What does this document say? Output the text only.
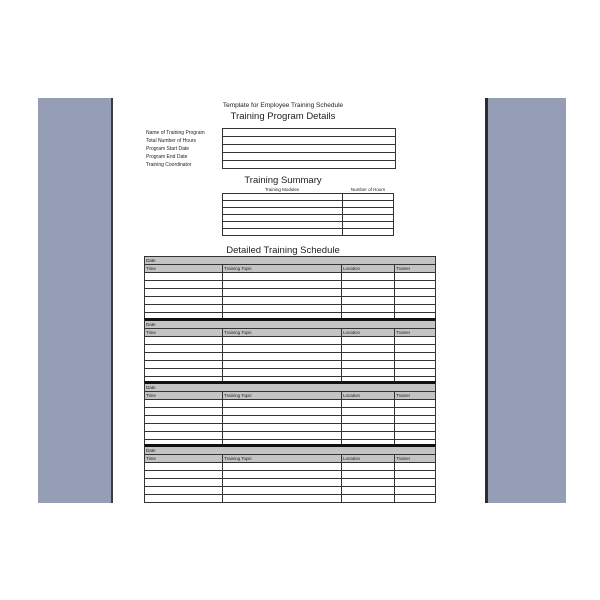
Template for Employee Training Schedule
Training Program Details
Name of Training Program
Total Number of Hours
Program Start Date
Program End Date
Training Coordinator
Training Summary
Training Modules	Number of Hours
Detailed Training Schedule
Date
Time	Training Topic	Location	Trainer
Date
Time	Training Topic	Location	Trainer
Date
Time	Training Topic	Location	Trainer
Date
Time	Training Topic	Location	Trainer
